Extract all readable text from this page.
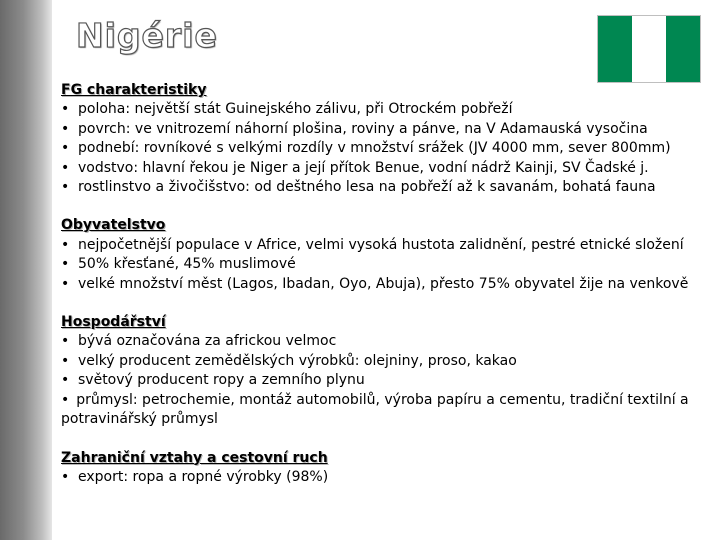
Nigérie
FG charakteristiky
• poloha: největší stát Guinejského zálivu, při Otrockém pobřeží
• povrch: ve vnitrozemí náhorní plošina, roviny a pánve, na V Adamauská vysočina
• podnebí: rovníkové s velkými rozdíly v množství srážek (JV 4000 mm, sever 800mm)
• vodstvo: hlavní řekou je Niger a její přítok Benue, vodní nádrž Kainji, SV Čadské j.
• rostlinstvo a živočišstvo: od deštného lesa na pobřeží až k savanám, bohatá fauna
Obyvatelstvo
• nejpočetnější populace v Africe, velmi vysoká hustota zalidnění, pestré etnické složení
• 50% křesťané, 45% muslimové
• velké množství měst (Lagos, Ibadan, Oyo, Abuja), přesto 75% obyvatel žije na venkově
Hospodářství
• bývá označována za africkou velmoc
• velký producent zemědělských výrobků: olejniny, proso, kakao
• světový producent ropy a zemního plynu
• průmysl: petrochemie, montáž automobilů, výroba papíru a cementu, tradiční textilní a potravinářský průmysl
Zahraniční vztahy a cestovní ruch
• export: ropa a ropné výrobky (98%)
